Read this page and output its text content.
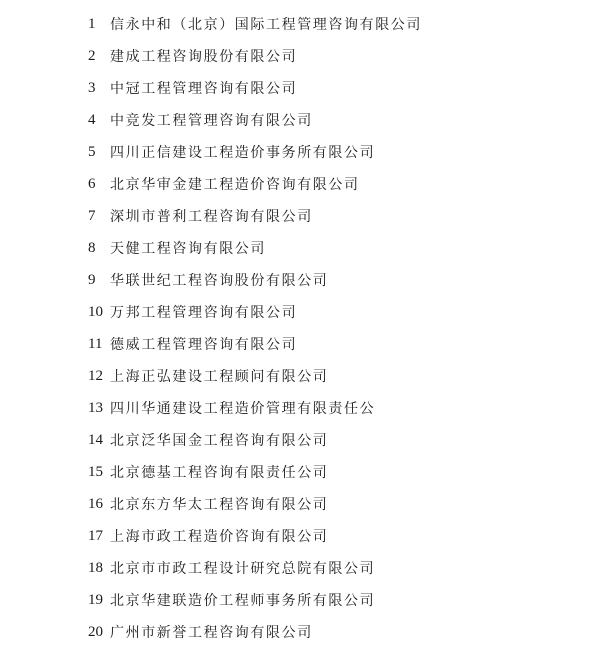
1	信永中和（北京）国际工程管理咨询有限公司
2	建成工程咨询股份有限公司
3	中冠工程管理咨询有限公司
4	中竞发工程管理咨询有限公司
5	四川正信建设工程造价事务所有限公司
6	北京华审金建工程造价咨询有限公司
7	深圳市普利工程咨询有限公司
8	天健工程咨询有限公司
9	华联世纪工程咨询股份有限公司
10 万邦工程管理咨询有限公司
11 德威工程管理咨询有限公司
12 上海正弘建设工程顾问有限公司
13 四川华通建设工程造价管理有限责任公
14 北京泛华国金工程咨询有限公司
15 北京德基工程咨询有限责任公司
16 北京东方华太工程咨询有限公司
17 上海市政工程造价咨询有限公司
18 北京市市政工程设计研究总院有限公司
19 北京华建联造价工程师事务所有限公司
20 广州市新誉工程咨询有限公司
